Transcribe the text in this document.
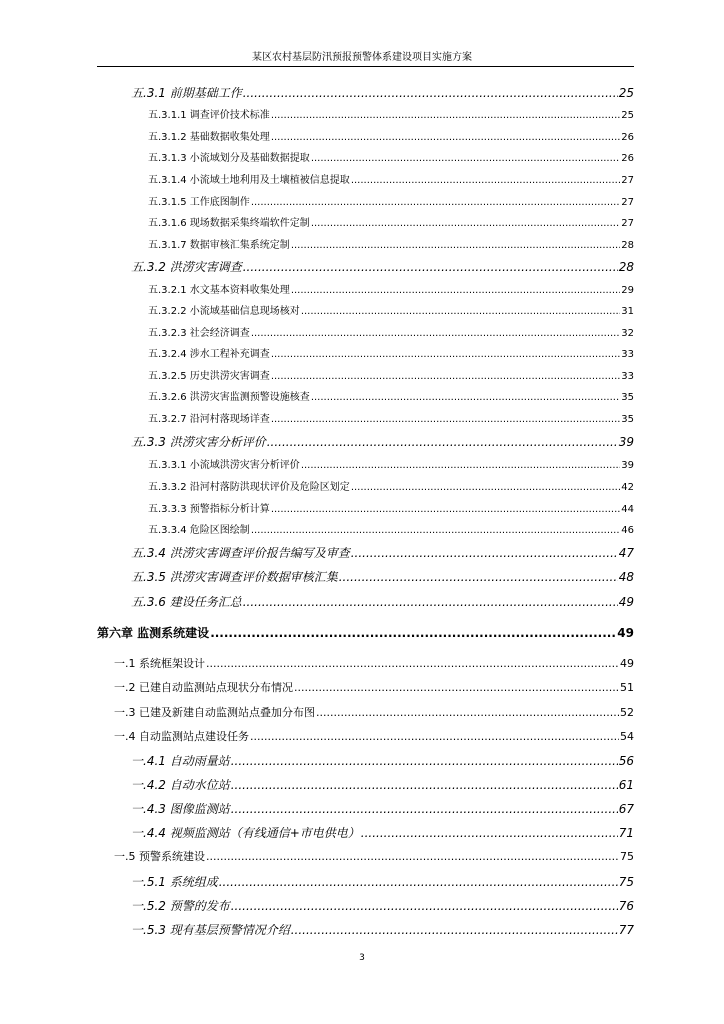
某区农村基层防汛预报预警体系建设项目实施方案
五.3.1 前期基础工作 .....	25
五.3.1.1 调查评价技术标准 .....	25
五.3.1.2 基础数据收集处理 .....	26
五.3.1.3 小流域划分及基础数据提取 .....	26
五.3.1.4 小流域土地利用及土壤植被信息提取 .....	27
五.3.1.5 工作底图制作 .....	27
五.3.1.6 现场数据采集终端软件定制 .....	27
五.3.1.7 数据审核汇集系统定制 .....	28
五.3.2 洪涝灾害调查 .....	28
五.3.2.1 水文基本资料收集处理 .....	29
五.3.2.2 小流域基础信息现场核对 .....	31
五.3.2.3 社会经济调查 .....	32
五.3.2.4 涉水工程补充调查 .....	33
五.3.2.5 历史洪涝灾害调查 .....	33
五.3.2.6 洪涝灾害监测预警设施核查 .....	35
五.3.2.7 沿河村落现场详查 .....	35
五.3.3 洪涝灾害分析评价 .....	39
五.3.3.1 小流域洪涝灾害分析评价 .....	39
五.3.3.2 沿河村落防洪现状评价及危险区划定 .....	42
五.3.3.3 预警指标分析计算 .....	44
五.3.3.4 危险区图绘制 .....	46
五.3.4 洪涝灾害调查评价报告编写及审查 .....	47
五.3.5 洪涝灾害调查评价数据审核汇集 .....	48
五.3.6 建设任务汇总 .....	49
第六章 监测系统建设 .....	49
一.1 系统框架设计 .....	49
一.2 已建自动监测站点现状分布情况 .....	51
一.3 已建及新建自动监测站点叠加分布图 .....	52
一.4 自动监测站点建设任务 .....	54
一.4.1 自动雨量站 .....	56
一.4.2 自动水位站 .....	61
一.4.3 图像监测站 .....	67
一.4.4 视频监测站（有线通信+市电供电） .....	71
一.5 预警系统建设 .....	75
一.5.1 系统组成 .....	75
一.5.2 预警的发布 .....	76
一.5.3 现有基层预警情况介绍 .....	77
3
